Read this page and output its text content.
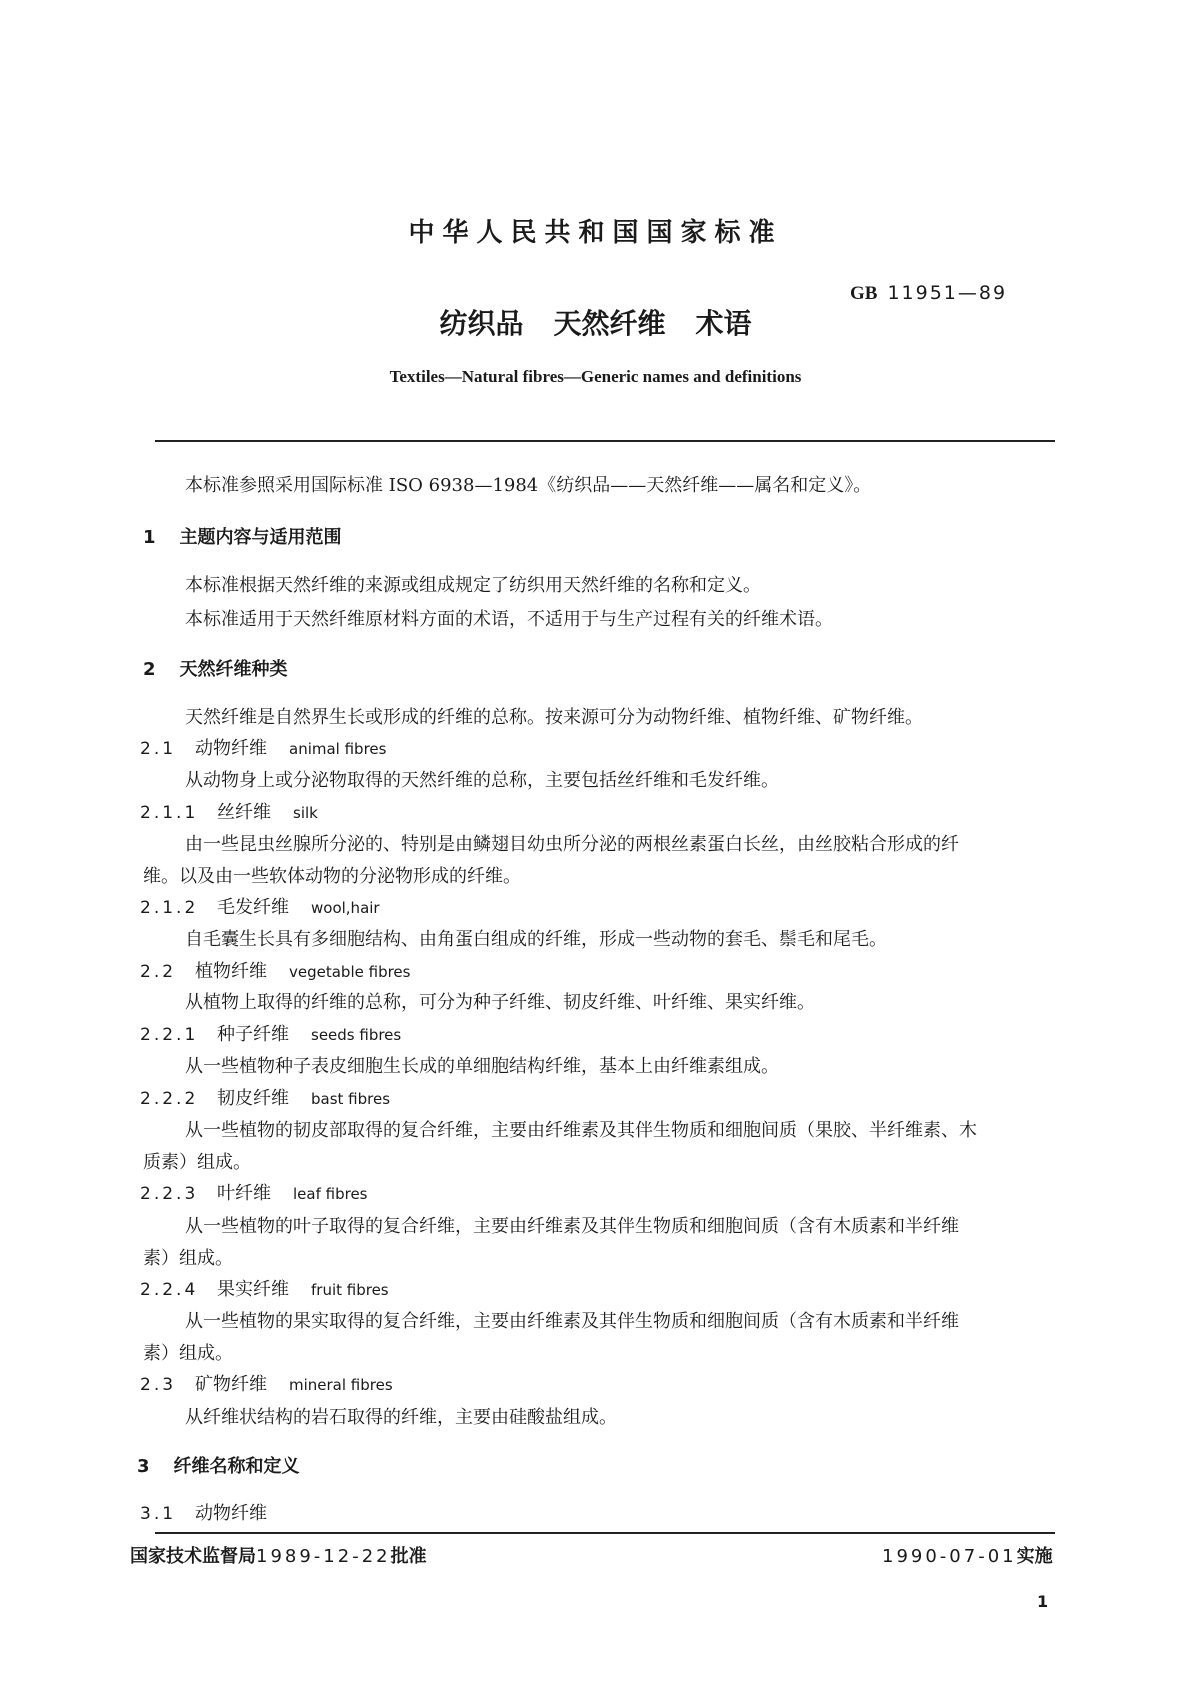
中华人民共和国国家标准
GB 11951—89
纺织品 天然纤维 术语
Textiles—Natural fibres—Generic names and definitions
本标准参照采用国际标准 ISO 6938—1984《纺织品——天然纤维——属名和定义》。
1 主题内容与适用范围
本标准根据天然纤维的来源或组成规定了纺织用天然纤维的名称和定义。
本标准适用于天然纤维原材料方面的术语，不适用于与生产过程有关的纤维术语。
2 天然纤维种类
天然纤维是自然界生长或形成的纤维的总称。按来源可分为动物纤维、植物纤维、矿物纤维。
2.1 动物纤维 animal fibres
从动物身上或分泌物取得的天然纤维的总称，主要包括丝纤维和毛发纤维。
2.1.1 丝纤维 silk
由一些昆虫丝腺所分泌的、特别是由鳞翅目幼虫所分泌的两根丝素蛋白长丝，由丝胶粘合形成的纤
维。以及由一些软体动物的分泌物形成的纤维。
2.1.2 毛发纤维 wool,hair
自毛囊生长具有多细胞结构、由角蛋白组成的纤维，形成一些动物的套毛、鬃毛和尾毛。
2.2 植物纤维 vegetable fibres
从植物上取得的纤维的总称，可分为种子纤维、韧皮纤维、叶纤维、果实纤维。
2.2.1 种子纤维 seeds fibres
从一些植物种子表皮细胞生长成的单细胞结构纤维，基本上由纤维素组成。
2.2.2 韧皮纤维 bast fibres
从一些植物的韧皮部取得的复合纤维，主要由纤维素及其伴生物质和细胞间质（果胶、半纤维素、木
质素）组成。
2.2.3 叶纤维 leaf fibres
从一些植物的叶子取得的复合纤维，主要由纤维素及其伴生物质和细胞间质（含有木质素和半纤维
素）组成。
2.2.4 果实纤维 fruit fibres
从一些植物的果实取得的复合纤维，主要由纤维素及其伴生物质和细胞间质（含有木质素和半纤维
素）组成。
2.3 矿物纤维 mineral fibres
从纤维状结构的岩石取得的纤维，主要由硅酸盐组成。
3 纤维名称和定义
3.1 动物纤维
国家技术监督局1989-12-22批准	1990-07-01实施
1
